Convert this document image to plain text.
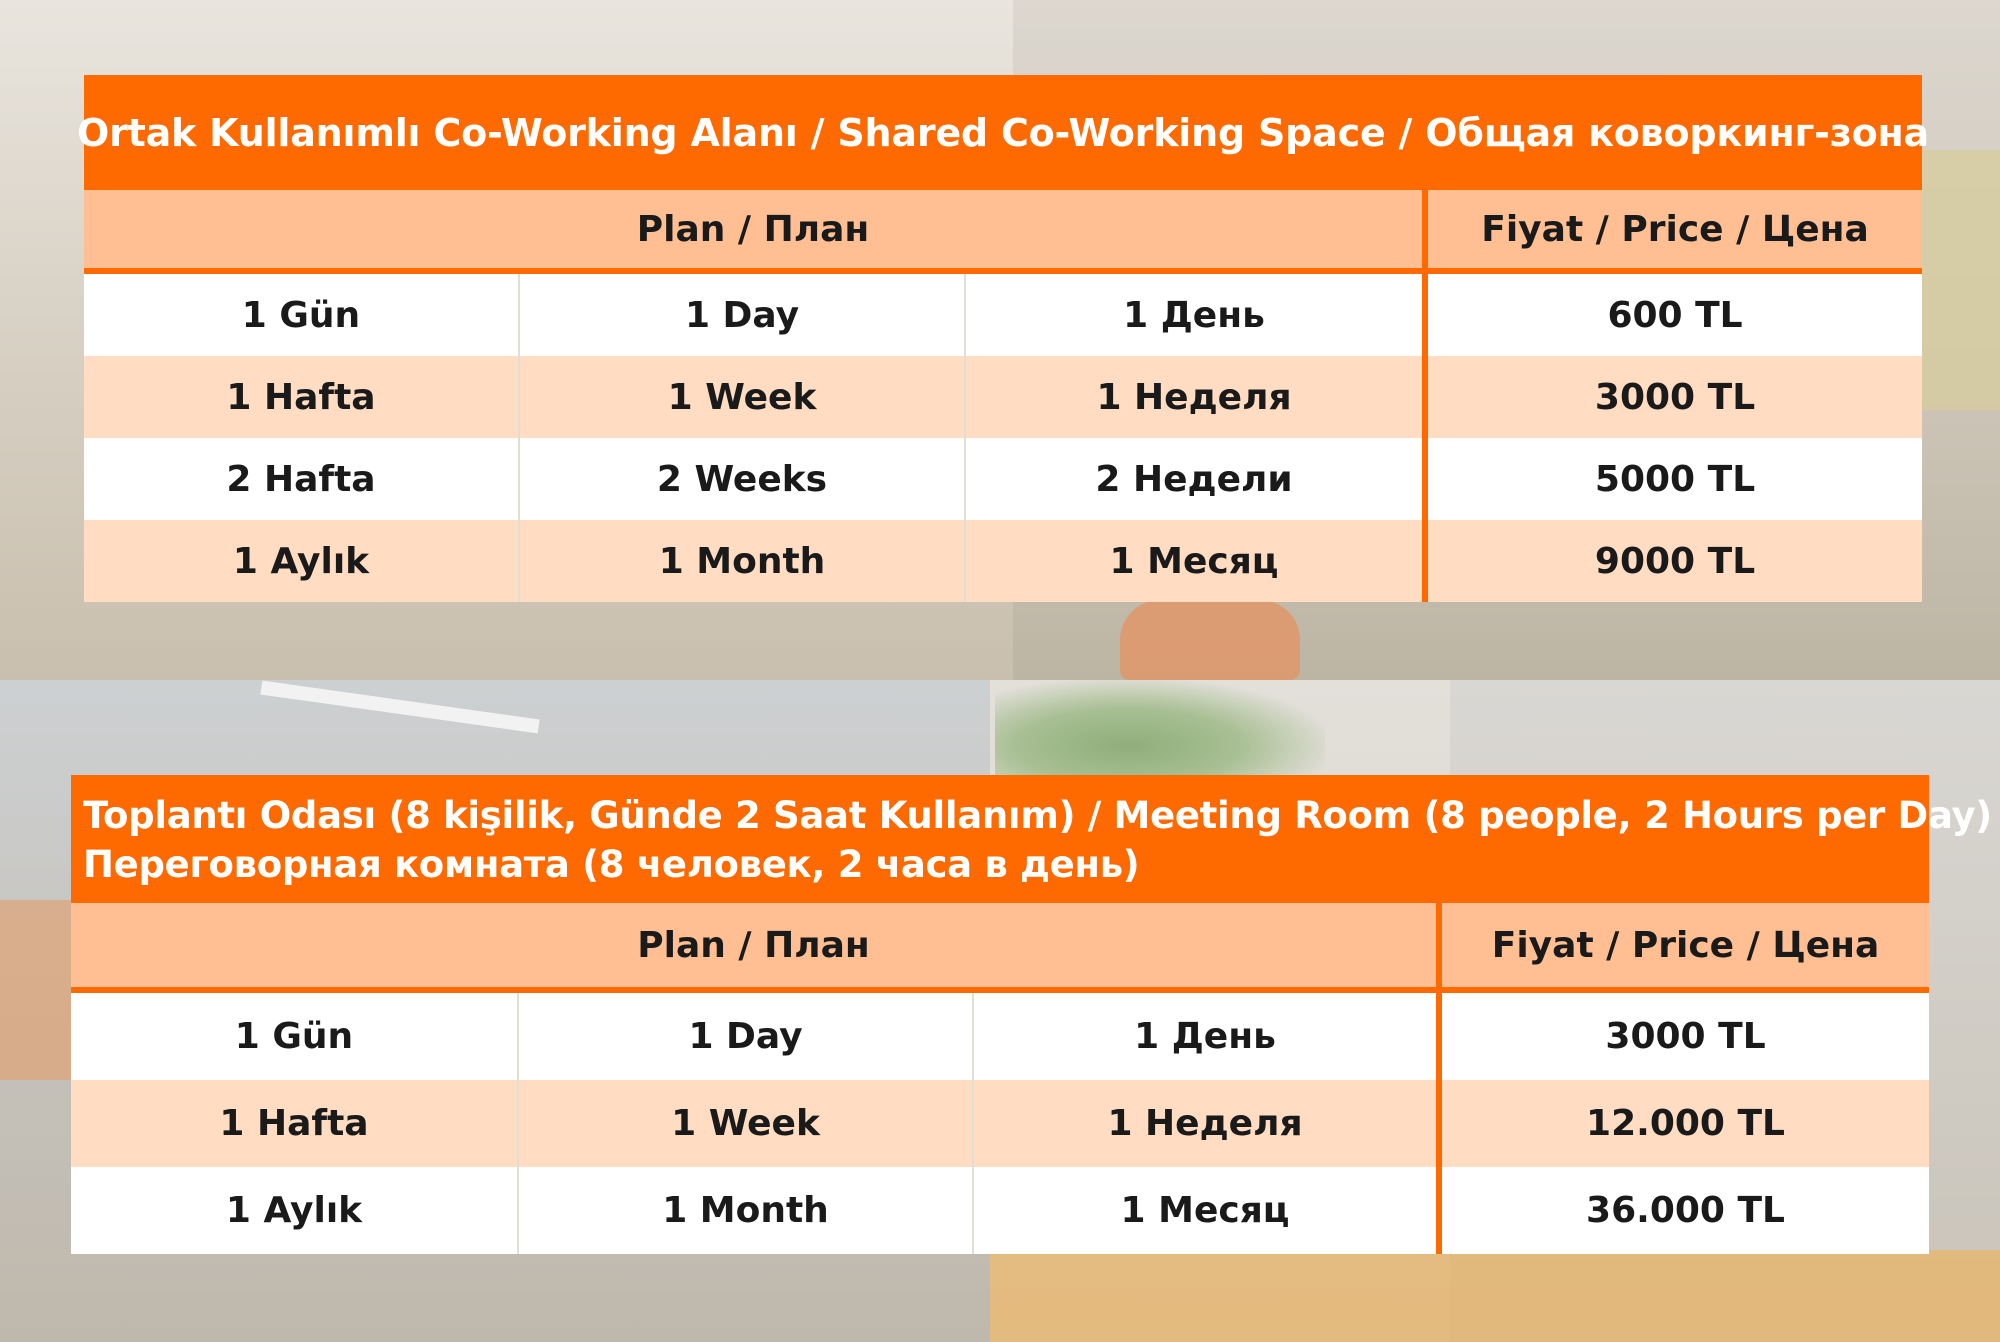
Ortak Kullanımlı Co-Working Alanı / Shared Co-Working Space / Общая коворкинг-зона
Plan / План			Fiyat / Price / Цена
1 Gün	1 Day	1 День	600 TL
1 Hafta	1 Week	1 Неделя	3000 TL
2 Hafta	2 Weeks	2 Недели	5000 TL
1 Aylık	1 Month	1 Месяц	9000 TL
Toplantı Odası (8 kişilik, Günde 2 Saat Kullanım) / Meeting Room (8 people, 2 Hours per Day)
Переговорная комната (8 человек, 2 часа в день)
Plan / План			Fiyat / Price / Цена
1 Gün	1 Day	1 День	3000 TL
1 Hafta	1 Week	1 Неделя	12.000 TL
1 Aylık	1 Month	1 Месяц	36.000 TL
